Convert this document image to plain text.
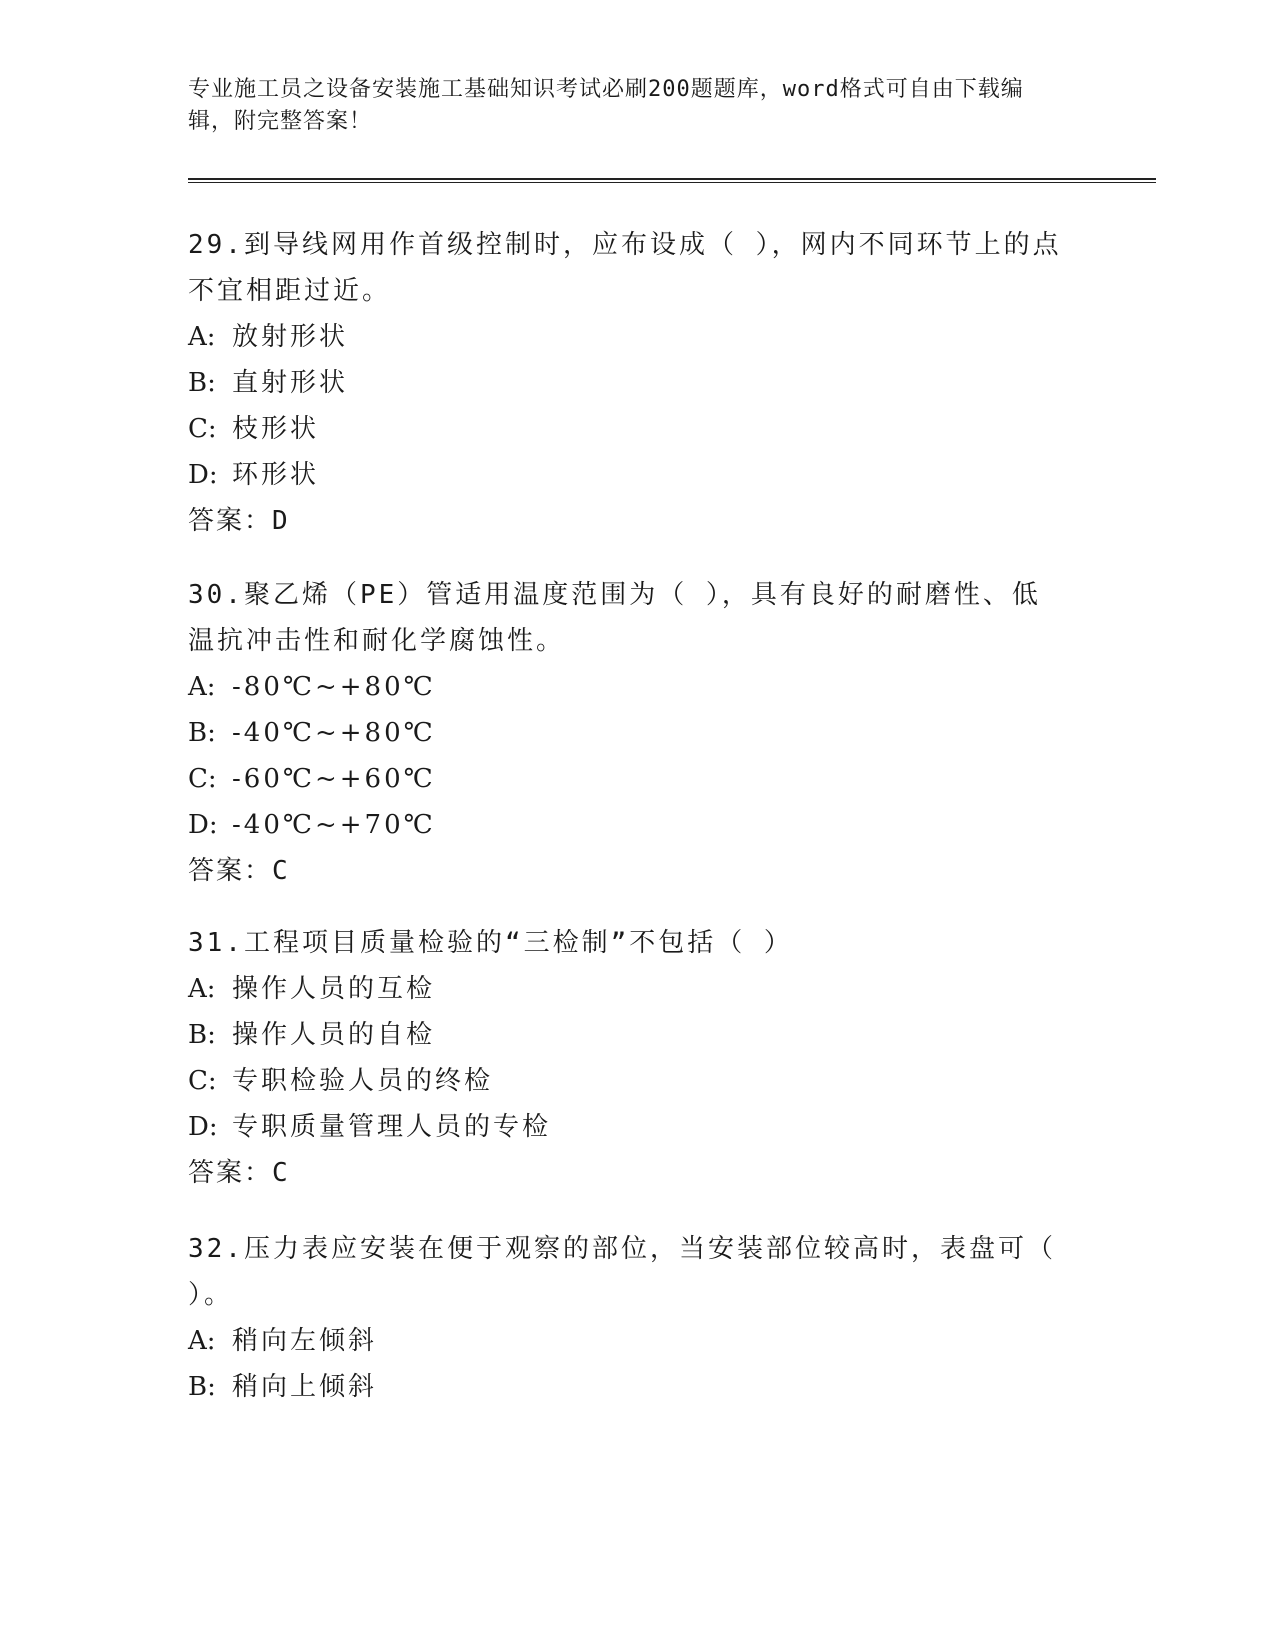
专业施工员之设备安装施工基础知识考试必刷200题题库，word格式可自由下载编辑，附完整答案！
29.到导线网用作首级控制时，应布设成（ ），网内不同环节上的点不宜相距过近。
A: 放射形状
B: 直射形状
C: 枝形状
D: 环形状
答案：D
30.聚乙烯（PE）管适用温度范围为（ ），具有良好的耐磨性、低温抗冲击性和耐化学腐蚀性。
A: -80℃~+80℃
B: -40℃~+80℃
C: -60℃~+60℃
D: -40℃~+70℃
答案：C
31.工程项目质量检验的“三检制”不包括（ ）
A: 操作人员的互检
B: 操作人员的自检
C: 专职检验人员的终检
D: 专职质量管理人员的专检
答案：C
32.压力表应安装在便于观察的部位，当安装部位较高时，表盘可（ ）。
A: 稍向左倾斜
B: 稍向上倾斜
